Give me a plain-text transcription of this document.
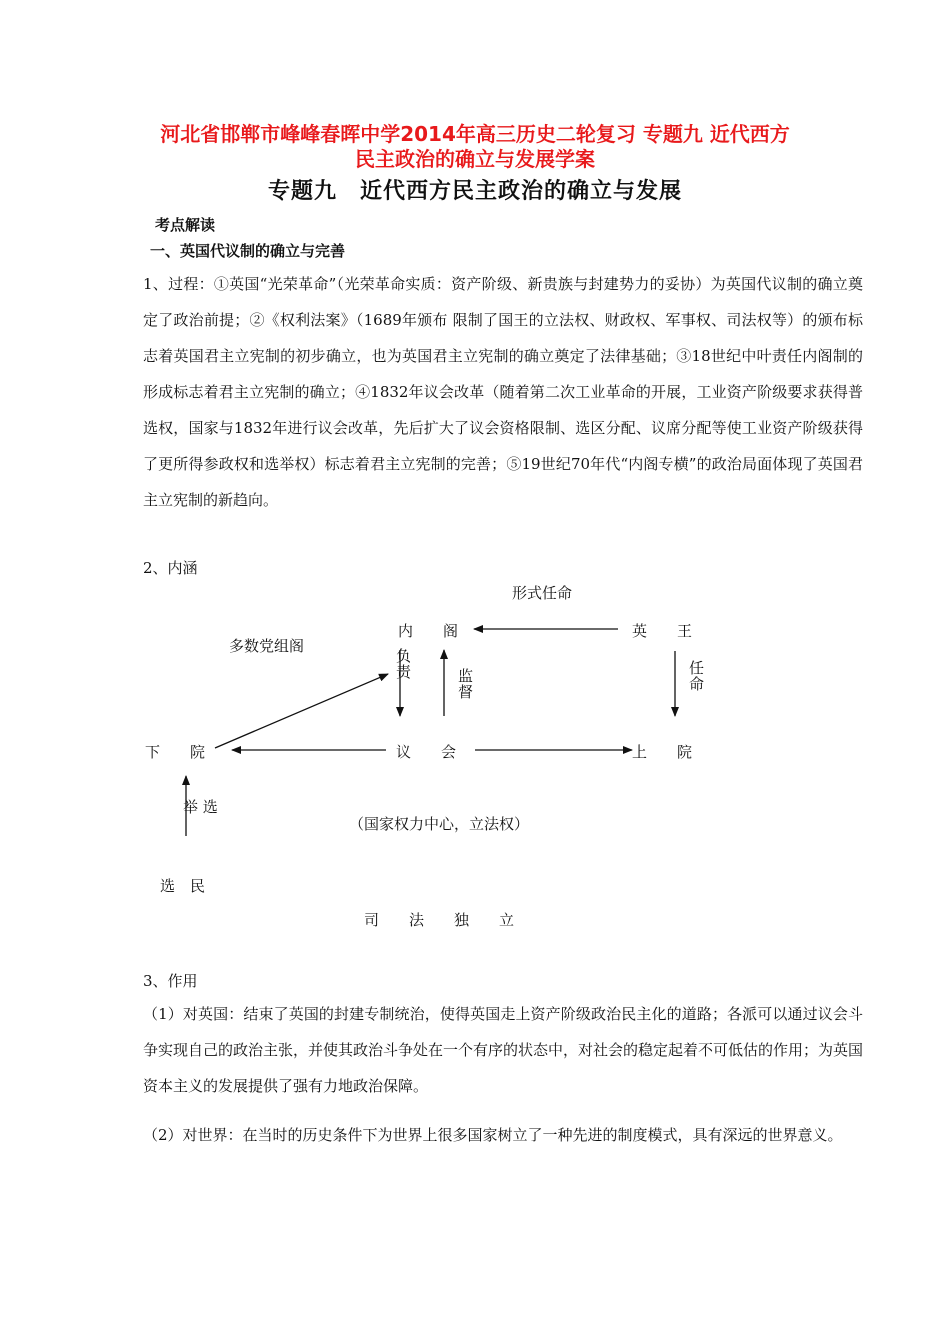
河北省邯郸市峰峰春晖中学2014年高三历史二轮复习 专题九 近代西方
民主政治的确立与发展学案
专题九　近代西方民主政治的确立与发展
考点解读
一、英国代议制的确立与完善
1、过程：①英国“光荣革命”（光荣革命实质：资产阶级、新贵族与封建势力的妥协）为英国代议制的确立奠定了政治前提；②《权利法案》（1689年颁布 限制了国王的立法权、财政权、军事权、司法权等）的颁布标志着英国君主立宪制的初步确立，也为英国君主立宪制的确立奠定了法律基础；③18世纪中叶责任内阁制的形成标志着君主立宪制的确立；④1832年议会改革（随着第二次工业革命的开展，工业资产阶级要求获得普选权，国家与1832年进行议会改革，先后扩大了议会资格限制、选区分配、议席分配等使工业资产阶级获得了更所得参政权和选举权）标志着君主立宪制的完善；⑤19世纪70年代“内阁专横”的政治局面体现了英国君主立宪制的新趋向。
2、内涵
形式任命
内　　阁	英　　王
多数党组阁
负责
监督	任命
下　　院	议　　会	上　　院
举 选
（国家权力中心，立法权）
选　民
司　　法　　独　　立
3、作用
（1）对英国：结束了英国的封建专制统治，使得英国走上资产阶级政治民主化的道路；各派可以通过议会斗争实现自己的政治主张，并使其政治斗争处在一个有序的状态中，对社会的稳定起着不可低估的作用；为英国资本主义的发展提供了强有力地政治保障。
（2）对世界：在当时的历史条件下为世界上很多国家树立了一种先进的制度模式，具有深远的世界意义。
